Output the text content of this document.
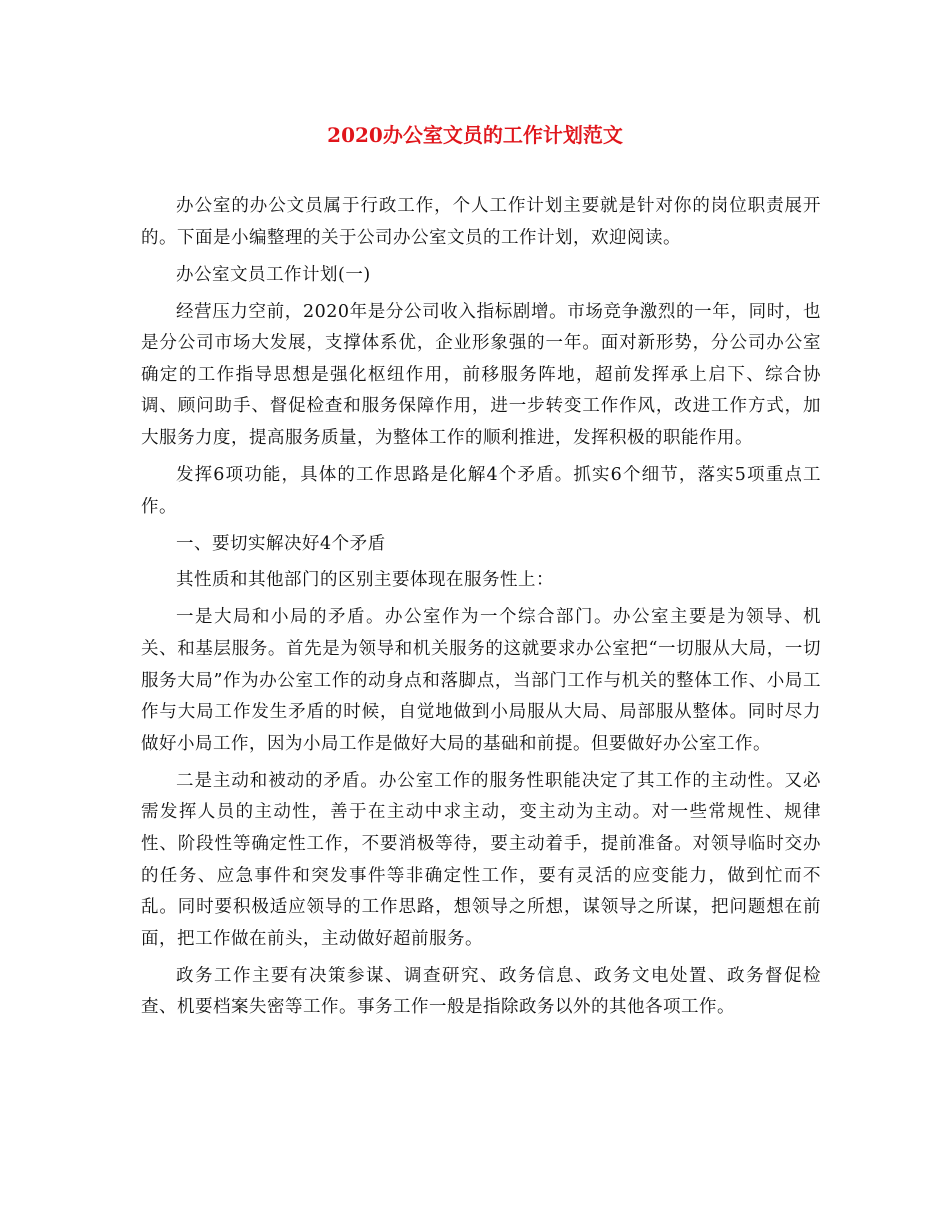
2020办公室文员的工作计划范文

办公室的办公文员属于行政工作，个人工作计划主要就是针对你的岗位职责展开的。下面是小编整理的关于公司办公室文员的工作计划，欢迎阅读。

办公室文员工作计划(一)

经营压力空前，2020年是分公司收入指标剧增。市场竞争激烈的一年，同时，也是分公司市场大发展，支撑体系优，企业形象强的一年。面对新形势，分公司办公室确定的工作指导思想是强化枢纽作用，前移服务阵地，超前发挥承上启下、综合协调、顾问助手、督促检查和服务保障作用，进一步转变工作作风，改进工作方式，加大服务力度，提高服务质量，为整体工作的顺利推进，发挥积极的职能作用。

发挥6项功能，具体的工作思路是化解4个矛盾。抓实6个细节，落实5项重点工作。

一、要切实解决好4个矛盾

其性质和其他部门的区别主要体现在服务性上：

一是大局和小局的矛盾。办公室作为一个综合部门。办公室主要是为领导、机关、和基层服务。首先是为领导和机关服务的这就要求办公室把“一切服从大局，一切服务大局”作为办公室工作的动身点和落脚点，当部门工作与机关的整体工作、小局工作与大局工作发生矛盾的时候，自觉地做到小局服从大局、局部服从整体。同时尽力做好小局工作，因为小局工作是做好大局的基础和前提。但要做好办公室工作。

二是主动和被动的矛盾。办公室工作的服务性职能决定了其工作的主动性。又必需发挥人员的主动性，善于在主动中求主动，变主动为主动。对一些常规性、规律性、阶段性等确定性工作，不要消极等待，要主动着手，提前准备。对领导临时交办的任务、应急事件和突发事件等非确定性工作，要有灵活的应变能力，做到忙而不乱。同时要积极适应领导的工作思路，想领导之所想，谋领导之所谋，把问题想在前面，把工作做在前头，主动做好超前服务。

政务工作主要有决策参谋、调查研究、政务信息、政务文电处置、政务督促检查、机要档案失密等工作。事务工作一般是指除政务以外的其他各项工作。
